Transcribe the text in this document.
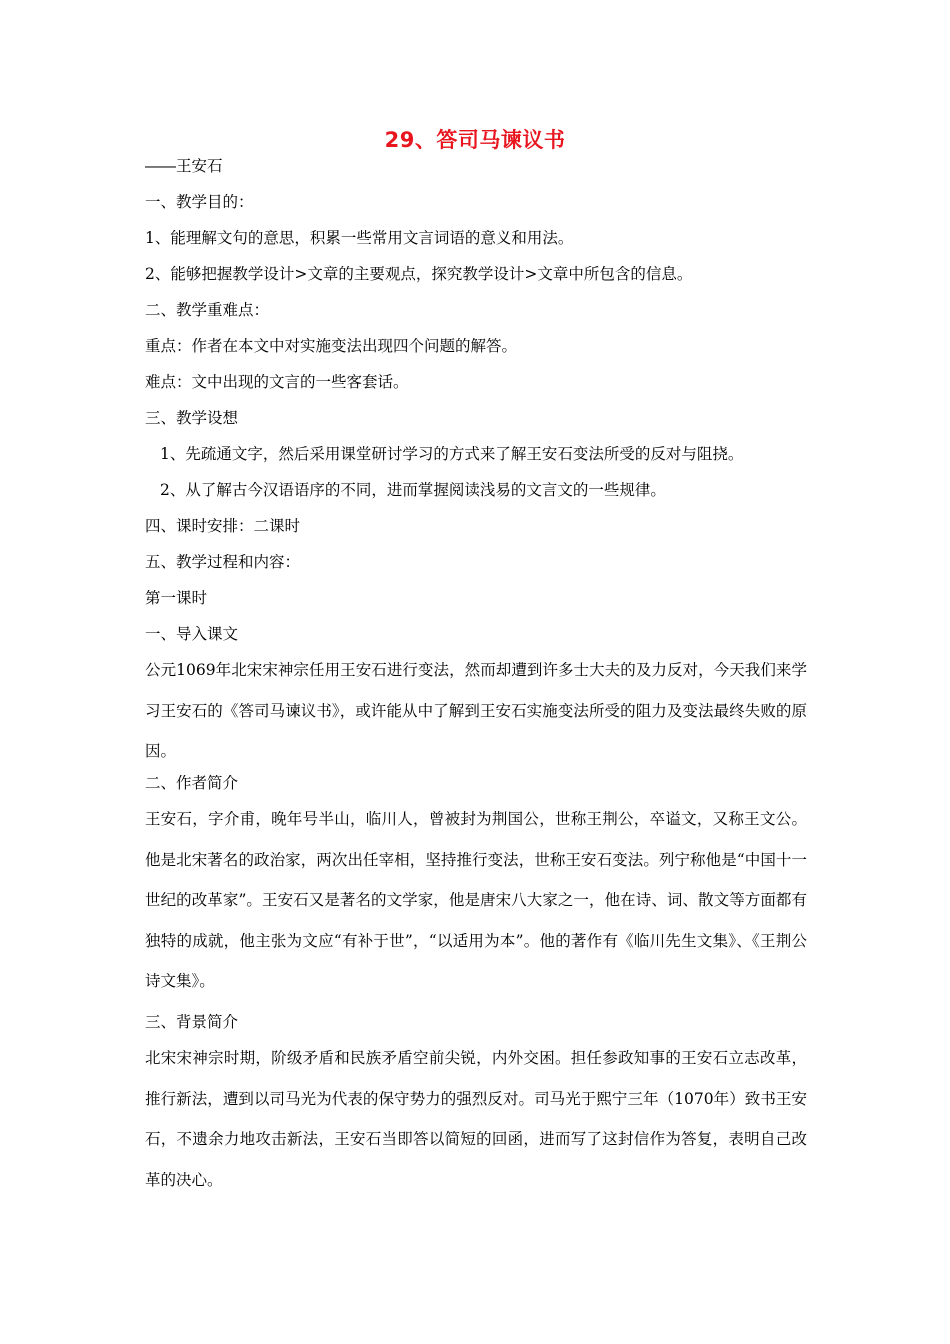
29、答司马谏议书
――王安石
一、教学目的：
1、能理解文句的意思，积累一些常用文言词语的意义和用法。
2、能够把握教学设计>文章的主要观点，探究教学设计>文章中所包含的信息。
二、教学重难点：
重点：作者在本文中对实施变法出现四个问题的解答。
难点：文中出现的文言的一些客套话。
三、教学设想
1、先疏通文字，然后采用课堂研讨学习的方式来了解王安石变法所受的反对与阻挠。
2、从了解古今汉语语序的不同，进而掌握阅读浅易的文言文的一些规律。
四、课时安排：二课时
五、教学过程和内容：
第一课时
一、导入课文
公元1069年北宋宋神宗任用王安石进行变法，然而却遭到许多士大夫的及力反对，今天我们来学习王安石的《答司马谏议书》，或许能从中了解到王安石实施变法所受的阻力及变法最终失败的原因。
二、作者简介
王安石，字介甫，晚年号半山，临川人，曾被封为荆国公，世称王荆公，卒谥文，又称王文公。他是北宋著名的政治家，两次出任宰相，坚持推行变法，世称王安石变法。列宁称他是“中国十一世纪的改革家”。王安石又是著名的文学家，他是唐宋八大家之一，他在诗、词、散文等方面都有独特的成就，他主张为文应“有补于世”，“以适用为本”。他的著作有《临川先生文集》、《王荆公诗文集》。
三、背景简介
北宋宋神宗时期，阶级矛盾和民族矛盾空前尖锐，内外交困。担任参政知事的王安石立志改革，推行新法，遭到以司马光为代表的保守势力的强烈反对。司马光于熙宁三年（1070年）致书王安石，不遗余力地攻击新法，王安石当即答以简短的回函，进而写了这封信作为答复，表明自己改革的决心。
